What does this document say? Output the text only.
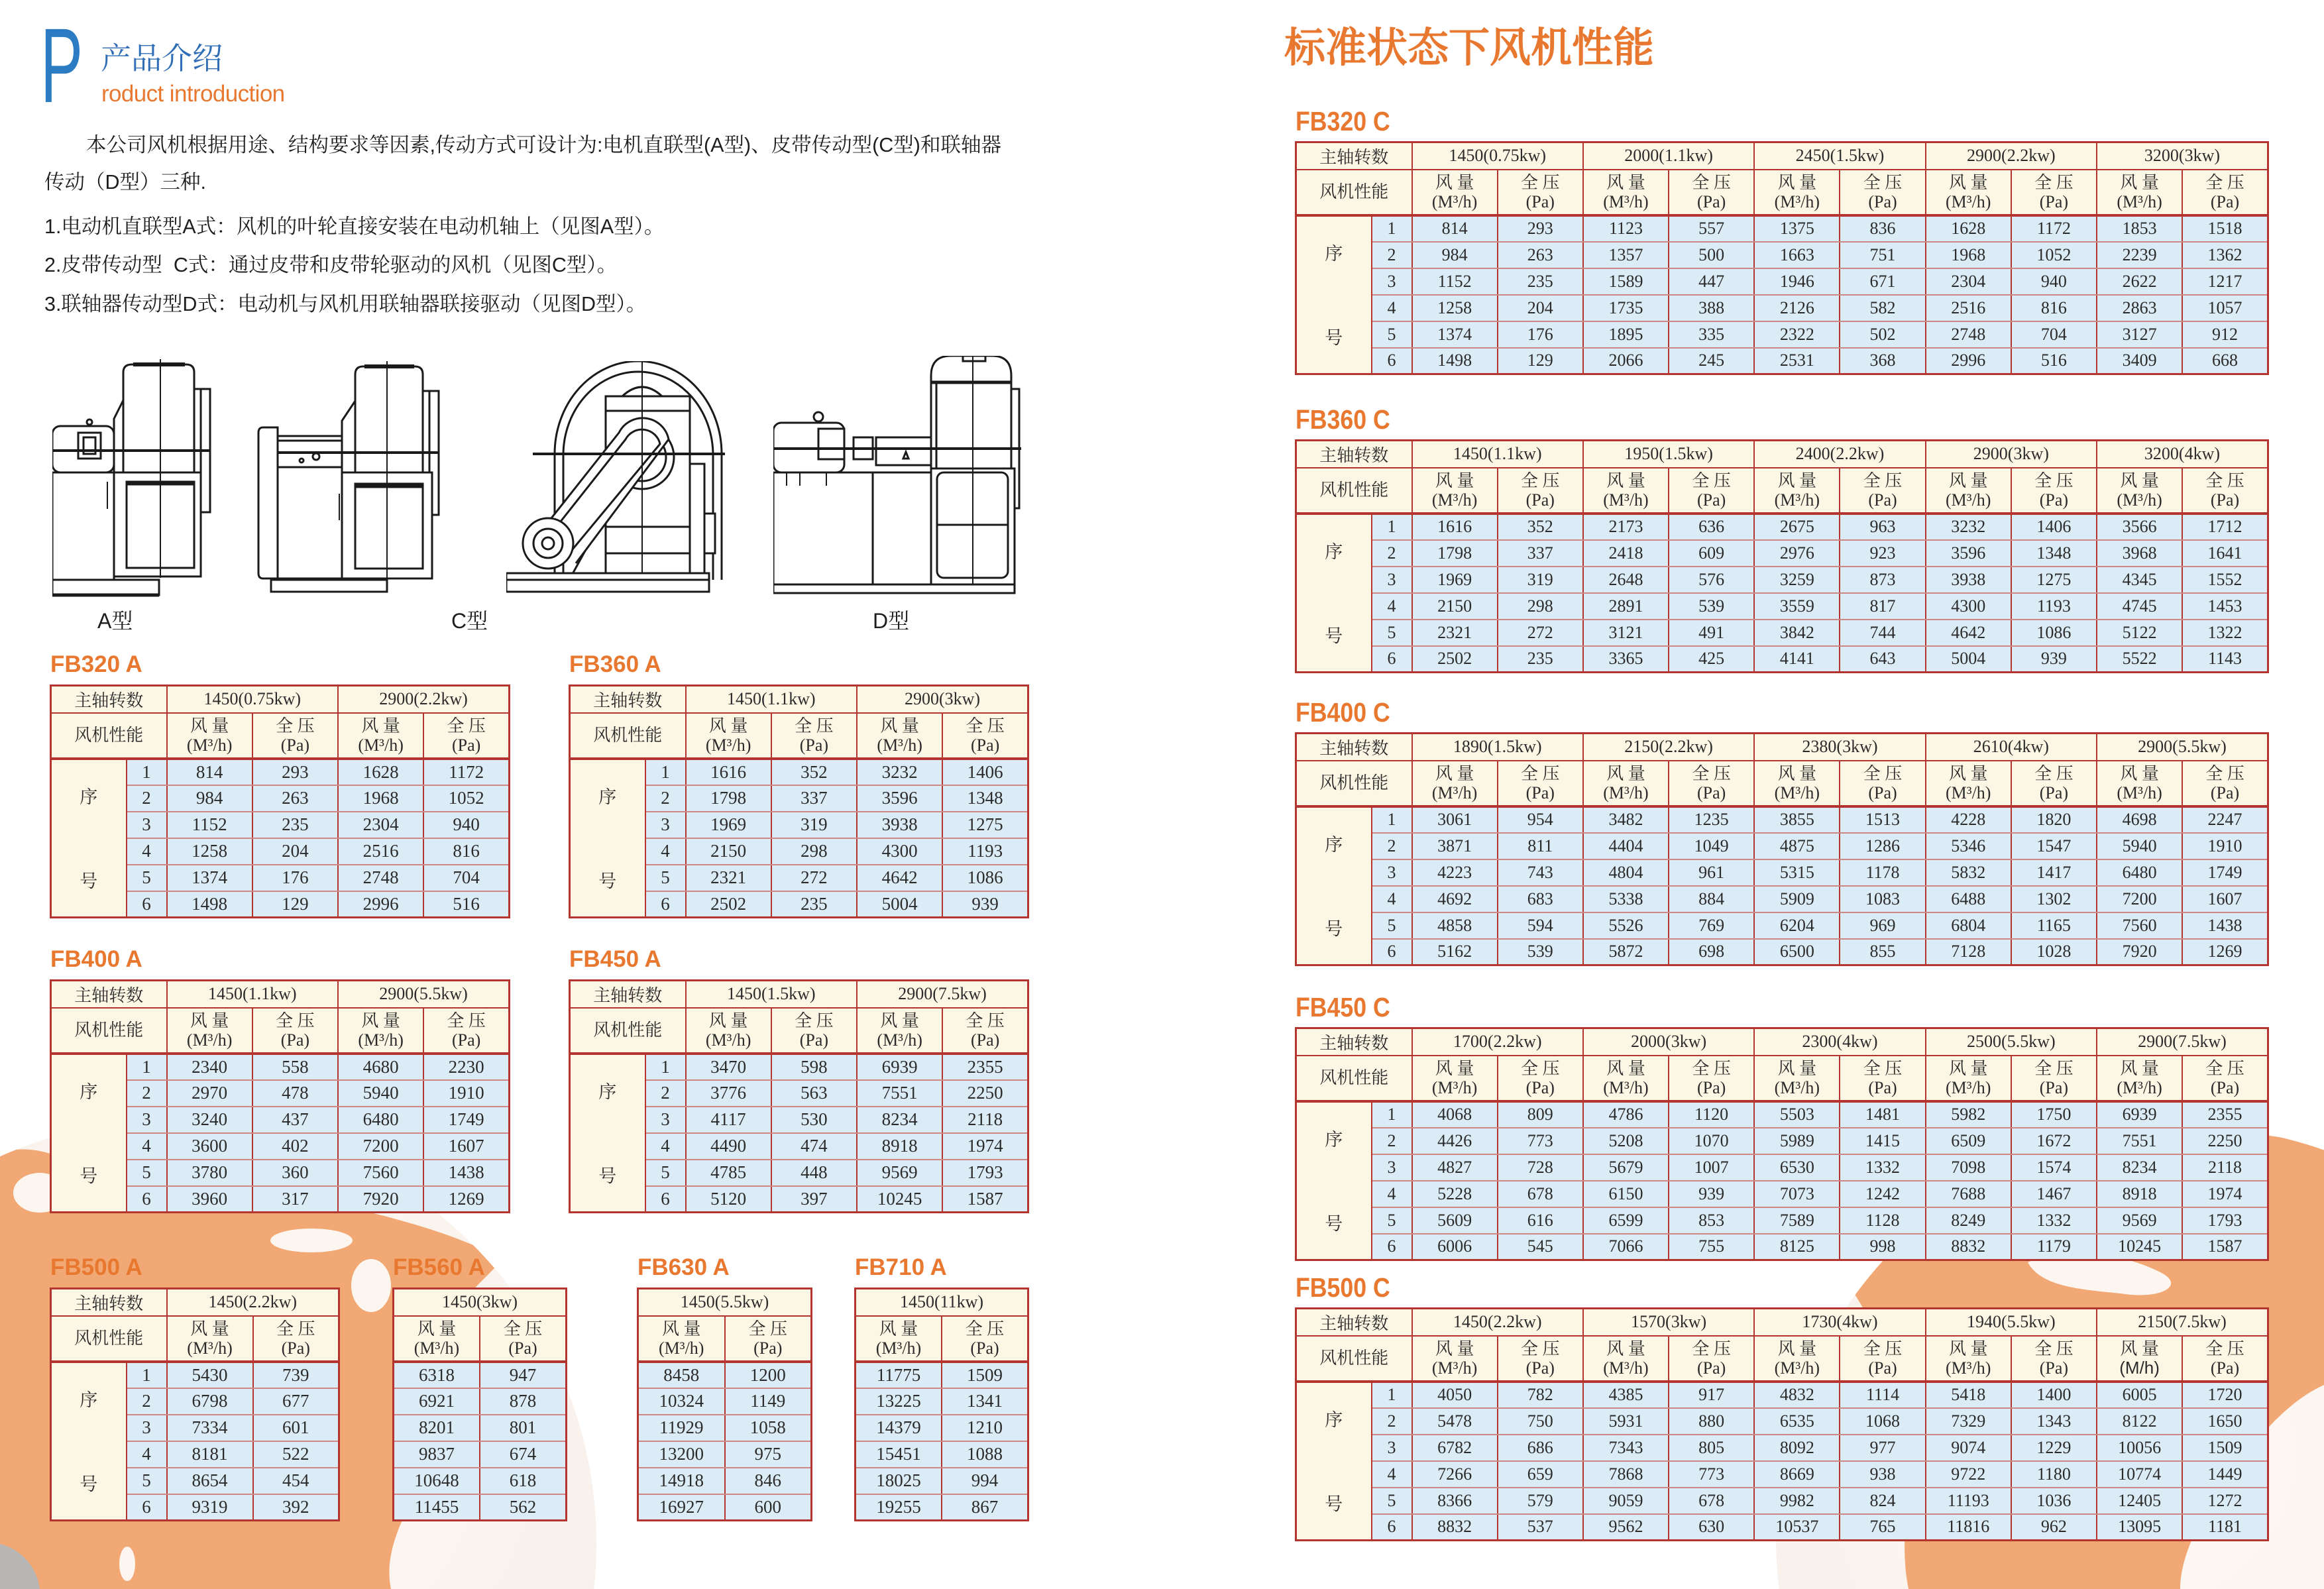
P 产品介绍
roduct introduction
本公司风机根据用途、结构要求等因素,传动方式可设计为:电机直联型(A型)、皮带传动型(C型)和联轴器
传动（D型）三种.
1.电动机直联型A式：风机的叶轮直接安装在电动机轴上（见图A型）。
2.皮带传动型  C式：通过皮带和皮带轮驱动的风机（见图C型）。
3.联轴器传动型D式：电动机与风机用联轴器联接驱动（见图D型）。
A型	C型	D型
FB320 A
主轴转数		1450(0.75kw)		2900(2.2kw)	
风机性能	风 量
(M³/h)

全 压
(Pa)

风 量
(M³/h)

全 压
(Pa)

序
号	1	814	293	1628	1172
	2	984	263	1968	1052
	3	1152	235	2304	940
	4	1258	204	2516	816
	5	1374	176	2748	704
	6	1498	129	2996	516
FB360 A
主轴转数		1450(1.1kw)		2900(3kw)	
风机性能	风 量
(M³/h)

全 压
(Pa)

风 量
(M³/h)

全 压
(Pa)

序
号	1	1616	352	3232	1406
	2	1798	337	3596	1348
	3	1969	319	3938	1275
	4	2150	298	4300	1193
	5	2321	272	4642	1086
	6	2502	235	5004	939
FB400 A
主轴转数		1450(1.1kw)		2900(5.5kw)	
风机性能	风 量
(M³/h)

全 压
(Pa)

风 量
(M³/h)

全 压
(Pa)

序
号	1	2340	558	4680	2230
	2	2970	478	5940	1910
	3	3240	437	6480	1749
	4	3600	402	7200	1607
	5	3780	360	7560	1438
	6	3960	317	7920	1269
FB450 A
主轴转数		1450(1.5kw)		2900(7.5kw)	
风机性能	风 量
(M³/h)

全 压
(Pa)

风 量
(M³/h)

全 压
(Pa)

序
号	1	3470	598	6939	2355
	2	3776	563	7551	2250
	3	4117	530	8234	2118
	4	4490	474	8918	1974
	5	4785	448	9569	1793
	6	5120	397	10245	1587
FB500 A
主轴转数		1450(2.2kw)	
风机性能	风 量
(M³/h)

全 压
(Pa)

序
号	1	5430	739
	2	6798	677
	3	7334	601
	4	8181	522
	5	8654	454
	6	9319	392
FB560 A
1450(3kw)	

风 量
(M³/h)

全 压
(Pa)

6318	947
6921	878
8201	801
9837	674
10648	618
11455	562
FB630 A
1450(5.5kw)	

风 量
(M³/h)

全 压
(Pa)

8458	1200
10324	1149
11929	1058
13200	975
14918	846
16927	600
FB710 A
1450(11kw)	

风 量
(M³/h)

全 压
(Pa)

11775	1509
13225	1341
14379	1210
15451	1088
18025	994
19255	867
标准状态下风机性能
FB320 C
主轴转数		1450(0.75kw)		2000(1.1kw)		2450(1.5kw)		2900(2.2kw)		3200(3kw)	
风机性能	风 量
(M³/h)

全 压
(Pa)

风 量
(M³/h)

全 压
(Pa)

风 量
(M³/h)

全 压
(Pa)

风 量
(M³/h)

全 压
(Pa)

风 量
(M³/h)

全 压
(Pa)

序
号	1	814	293	1123	557	1375	836	1628	1172	1853	1518
	2	984	263	1357	500	1663	751	1968	1052	2239	1362
	3	1152	235	1589	447	1946	671	2304	940	2622	1217
	4	1258	204	1735	388	2126	582	2516	816	2863	1057
	5	1374	176	1895	335	2322	502	2748	704	3127	912
	6	1498	129	2066	245	2531	368	2996	516	3409	668
FB360 C
主轴转数		1450(1.1kw)		1950(1.5kw)		2400(2.2kw)		2900(3kw)		3200(4kw)	
风机性能	风 量
(M³/h)

全 压
(Pa)

风 量
(M³/h)

全 压
(Pa)

风 量
(M³/h)

全 压
(Pa)

风 量
(M³/h)

全 压
(Pa)

风 量
(M³/h)

全 压
(Pa)

序
号	1	1616	352	2173	636	2675	963	3232	1406	3566	1712
	2	1798	337	2418	609	2976	923	3596	1348	3968	1641
	3	1969	319	2648	576	3259	873	3938	1275	4345	1552
	4	2150	298	2891	539	3559	817	4300	1193	4745	1453
	5	2321	272	3121	491	3842	744	4642	1086	5122	1322
	6	2502	235	3365	425	4141	643	5004	939	5522	1143
FB400 C
主轴转数		1890(1.5kw)		2150(2.2kw)		2380(3kw)		2610(4kw)		2900(5.5kw)	
风机性能	风 量
(M³/h)

全 压
(Pa)

风 量
(M³/h)

全 压
(Pa)

风 量
(M³/h)

全 压
(Pa)

风 量
(M³/h)

全 压
(Pa)

风 量
(M³/h)

全 压
(Pa)

序
号	1	3061	954	3482	1235	3855	1513	4228	1820	4698	2247
	2	3871	811	4404	1049	4875	1286	5346	1547	5940	1910
	3	4223	743	4804	961	5315	1178	5832	1417	6480	1749
	4	4692	683	5338	884	5909	1083	6488	1302	7200	1607
	5	4858	594	5526	769	6204	969	6804	1165	7560	1438
	6	5162	539	5872	698	6500	855	7128	1028	7920	1269
FB450 C
主轴转数		1700(2.2kw)		2000(3kw)		2300(4kw)		2500(5.5kw)		2900(7.5kw)	
风机性能	风 量
(M³/h)

全 压
(Pa)

风 量
(M³/h)

全 压
(Pa)

风 量
(M³/h)

全 压
(Pa)

风 量
(M³/h)

全 压
(Pa)

风 量
(M³/h)

全 压
(Pa)

序
号	1	4068	809	4786	1120	5503	1481	5982	1750	6939	2355
	2	4426	773	5208	1070	5989	1415	6509	1672	7551	2250
	3	4827	728	5679	1007	6530	1332	7098	1574	8234	2118
	4	5228	678	6150	939	7073	1242	7688	1467	8918	1974
	5	5609	616	6599	853	7589	1128	8249	1332	9569	1793
	6	6006	545	7066	755	8125	998	8832	1179	10245	1587
FB500 C
主轴转数		1450(2.2kw)		1570(3kw)		1730(4kw)		1940(5.5kw)		2150(7.5kw)	
风机性能	风 量
(M³/h)

全 压
(Pa)

风 量
(M³/h)

全 压
(Pa)

风 量
(M³/h)

全 压
(Pa)

风 量
(M³/h)

全 压
(Pa)

风 量
(M/h)

全 压
(Pa)

序
号	1	4050	782	4385	917	4832	1114	5418	1400	6005	1720
	2	5478	750	5931	880	6535	1068	7329	1343	8122	1650
	3	6782	686	7343	805	8092	977	9074	1229	10056	1509
	4	7266	659	7868	773	8669	938	9722	1180	10774	1449
	5	8366	579	9059	678	9982	824	11193	1036	12405	1272
	6	8832	537	9562	630	10537	765	11816	962	13095	1181
